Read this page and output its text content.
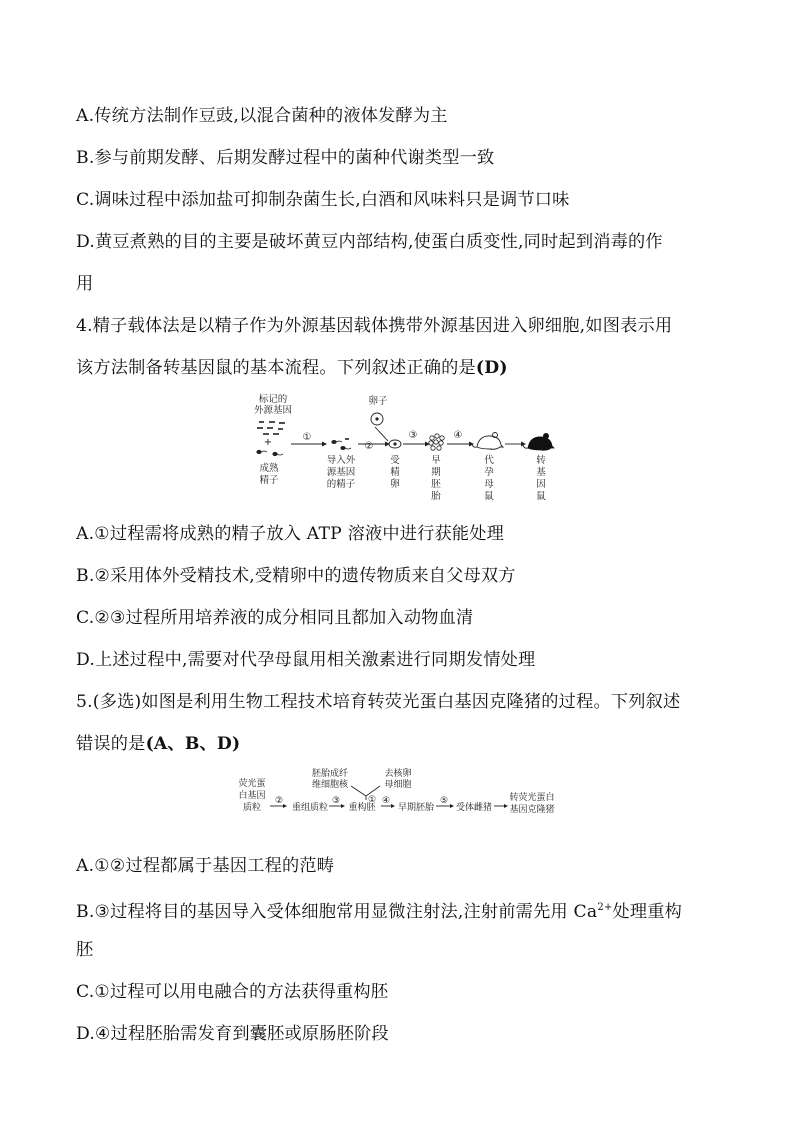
A.传统方法制作豆豉,以混合菌种的液体发酵为主
B.参与前期发酵、后期发酵过程中的菌种代谢类型一致
C.调味过程中添加盐可抑制杂菌生长,白酒和风味料只是调节口味
D.黄豆煮熟的目的主要是破坏黄豆内部结构,使蛋白质变性,同时起到消毒的作
用
4.精子载体法是以精子作为外源基因载体携带外源基因进入卵细胞,如图表示用
该方法制备转基因鼠的基本流程。下列叙述正确的是(D)
标记的
外源基因
+
成熟
精子
①
导入外
源基因
的精子
卵子
②
受
精
卵
③
早
期
胚
胎
④
代
孕
母
鼠
转
基
因
鼠
A.①过程需将成熟的精子放入 ATP 溶液中进行获能处理
B.②采用体外受精技术,受精卵中的遗传物质来自父母双方
C.②③过程所用培养液的成分相同且都加入动物血清
D.上述过程中,需要对代孕母鼠用相关激素进行同期发情处理
5.(多选)如图是利用生物工程技术培育转荧光蛋白基因克隆猪的过程。下列叙述
错误的是(A、B、D)
荧光蛋
白基因
质粒
②
重组质粒
③
重构胚
胚胎成纤
维细胞核
去核卵
母细胞
① ④
早期胚胎
⑤
受体雌猪
转荧光蛋白
基因克隆猪
A.①②过程都属于基因工程的范畴
B.③过程将目的基因导入受体细胞常用显微注射法,注射前需先用 $Ca^{2+}$处理重构
胚
C.①过程可以用电融合的方法获得重构胚
D.④过程胚胎需发育到囊胚或原肠胚阶段
